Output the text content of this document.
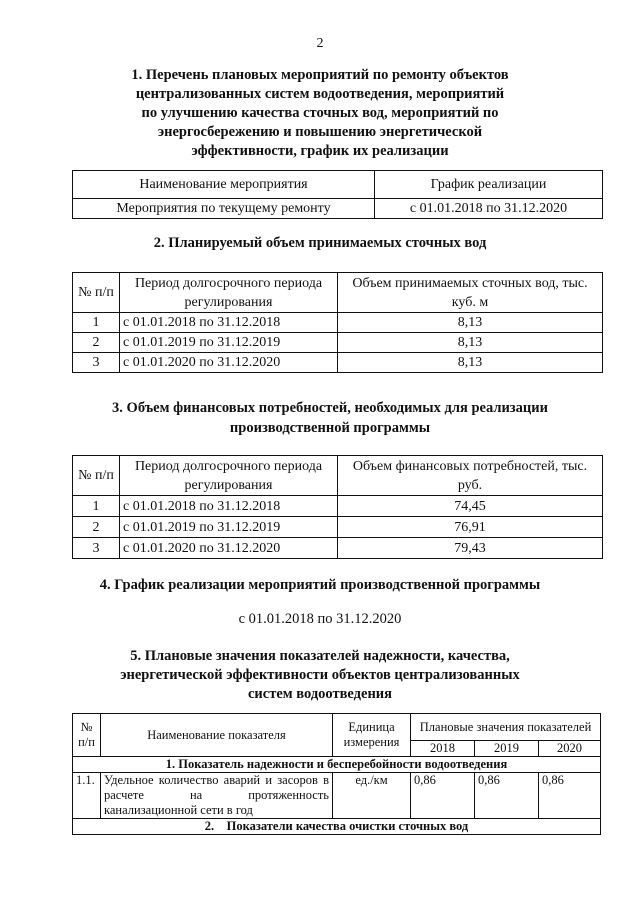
2
1. Перечень плановых мероприятий по ремонту объектов
централизованных систем водоотведения, мероприятий
по улучшению качества сточных вод, мероприятий по
энергосбережению и повышению энергетической
эффективности, график их реализации
Наименование мероприятия	График реализации
Мероприятия по текущему ремонту	с 01.01.2018 по 31.12.2020
2. Планируемый объем принимаемых сточных вод
№ п/п	Период долгосрочного периода регулирования	Объем принимаемых сточных вод, тыс. куб. м
1	с 01.01.2018 по 31.12.2018	8,13
2	с 01.01.2019 по 31.12.2019	8,13
3	с 01.01.2020 по 31.12.2020	8,13
3. Объем финансовых потребностей, необходимых для реализации
производственной программы
№ п/п	Период долгосрочного периода регулирования	Объем финансовых потребностей, тыс. руб.
1	с 01.01.2018 по 31.12.2018	74,45
2	с 01.01.2019 по 31.12.2019	76,91
3	с 01.01.2020 по 31.12.2020	79,43
4. График реализации мероприятий производственной программы
с 01.01.2018 по 31.12.2020
5. Плановые значения показателей надежности, качества,
энергетической эффективности объектов централизованных
систем водоотведения
№ п/п	Наименование показателя	Единица измерения	Плановые значения показателей		
			2018	2019	2020
1. Показатель надежности и бесперебойности водоотведения					
1.1.	Удельное количество аварий и засоров в расчете на протяженность канализационной сети в год	ед./км	0,86	0,86	0,86
2.    Показатели качества очистки сточных вод					
